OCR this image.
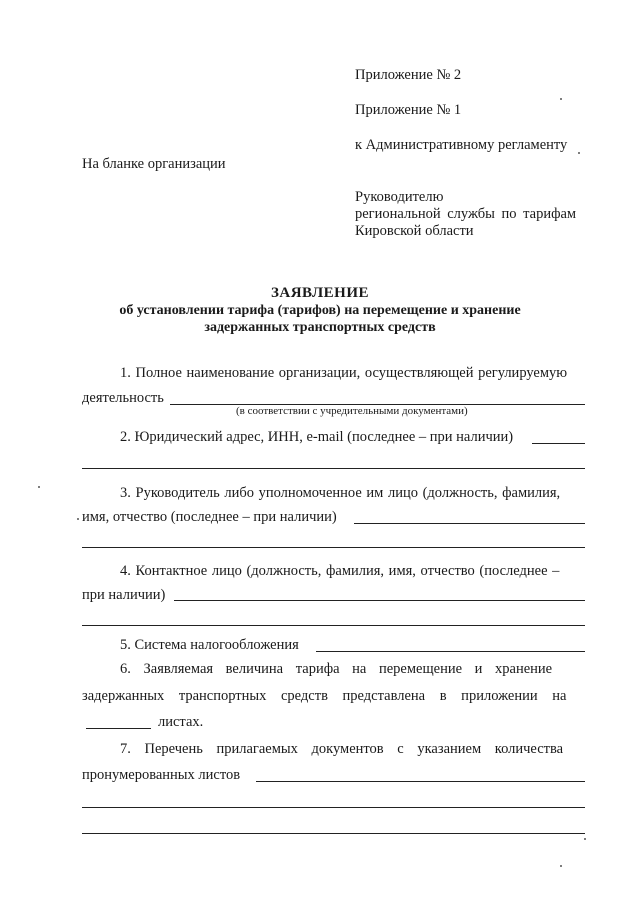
Приложение № 2
Приложение № 1
к Административному регламенту
На бланке организации
Руководителю
региональной службы по тарифам
Кировской области
ЗАЯВЛЕНИЕ
об установлении тарифа (тарифов) на перемещение и хранение
задержанных транспортных средств
1. Полное наименование организации, осуществляющей регулируемую
деятельность
(в соответствии с учредительными документами)
2. Юридический адрес, ИНН, e-mail (последнее – при наличии)
3. Руководитель либо уполномоченное им лицо (должность, фамилия,
имя, отчество (последнее – при наличии)
4. Контактное лицо (должность, фамилия, имя, отчество (последнее –
при наличии)
5. Система налогообложения
6. Заявляемая величина тарифа на перемещение и хранение
задержанных транспортных средств представлена в приложении на
листах.
7. Перечень прилагаемых документов с указанием количества
пронумерованных листов
